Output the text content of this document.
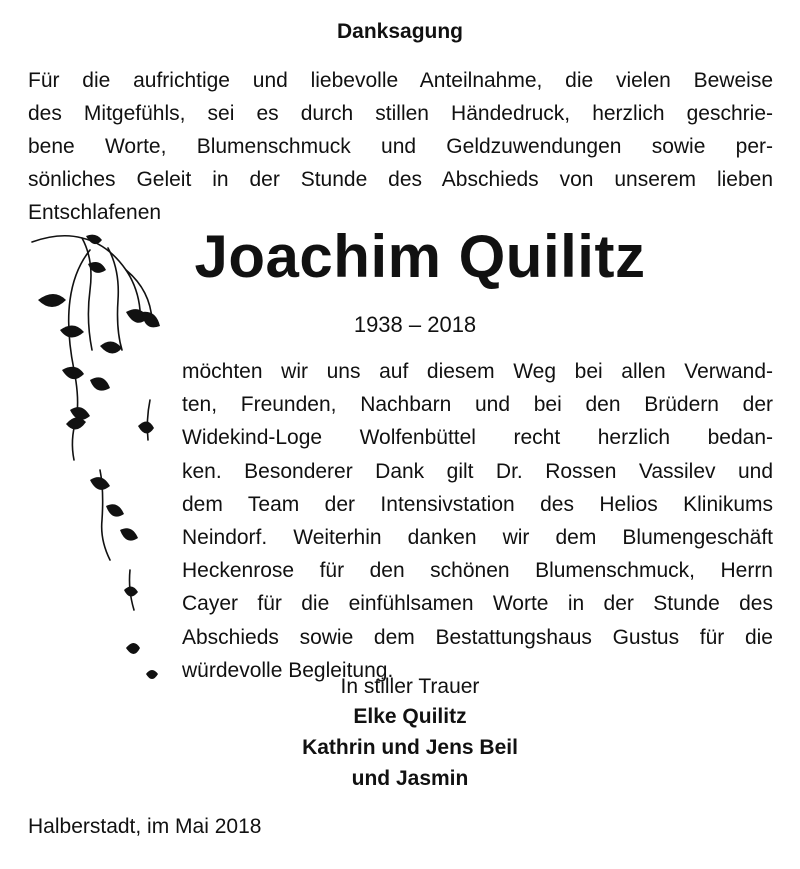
Danksagung
Für die aufrichtige und liebevolle Anteilnahme, die vielen Beweise
des Mitgefühls, sei es durch stillen Händedruck, herzlich geschrie-
bene Worte, Blumenschmuck und Geldzuwendungen sowie per-
sönliches Geleit in der Stunde des Abschieds von unserem lieben
Entschlafenen
Joachim Quilitz
1938 – 2018
möchten wir uns auf diesem Weg bei allen Verwand-
ten, Freunden, Nachbarn und bei den Brüdern der
Widekind-Loge Wolfenbüttel recht herzlich bedan-
ken. Besonderer Dank gilt Dr. Rossen Vassilev und
dem Team der Intensivstation des Helios Klinikums
Neindorf. Weiterhin danken wir dem Blumengeschäft
Heckenrose für den schönen Blumenschmuck, Herrn
Cayer für die einfühlsamen Worte in der Stunde des
Abschieds sowie dem Bestattungshaus Gustus für die
würdevolle Begleitung.
In stiller Trauer
Elke Quilitz
Kathrin und Jens Beil
und Jasmin
Halberstadt, im Mai 2018
